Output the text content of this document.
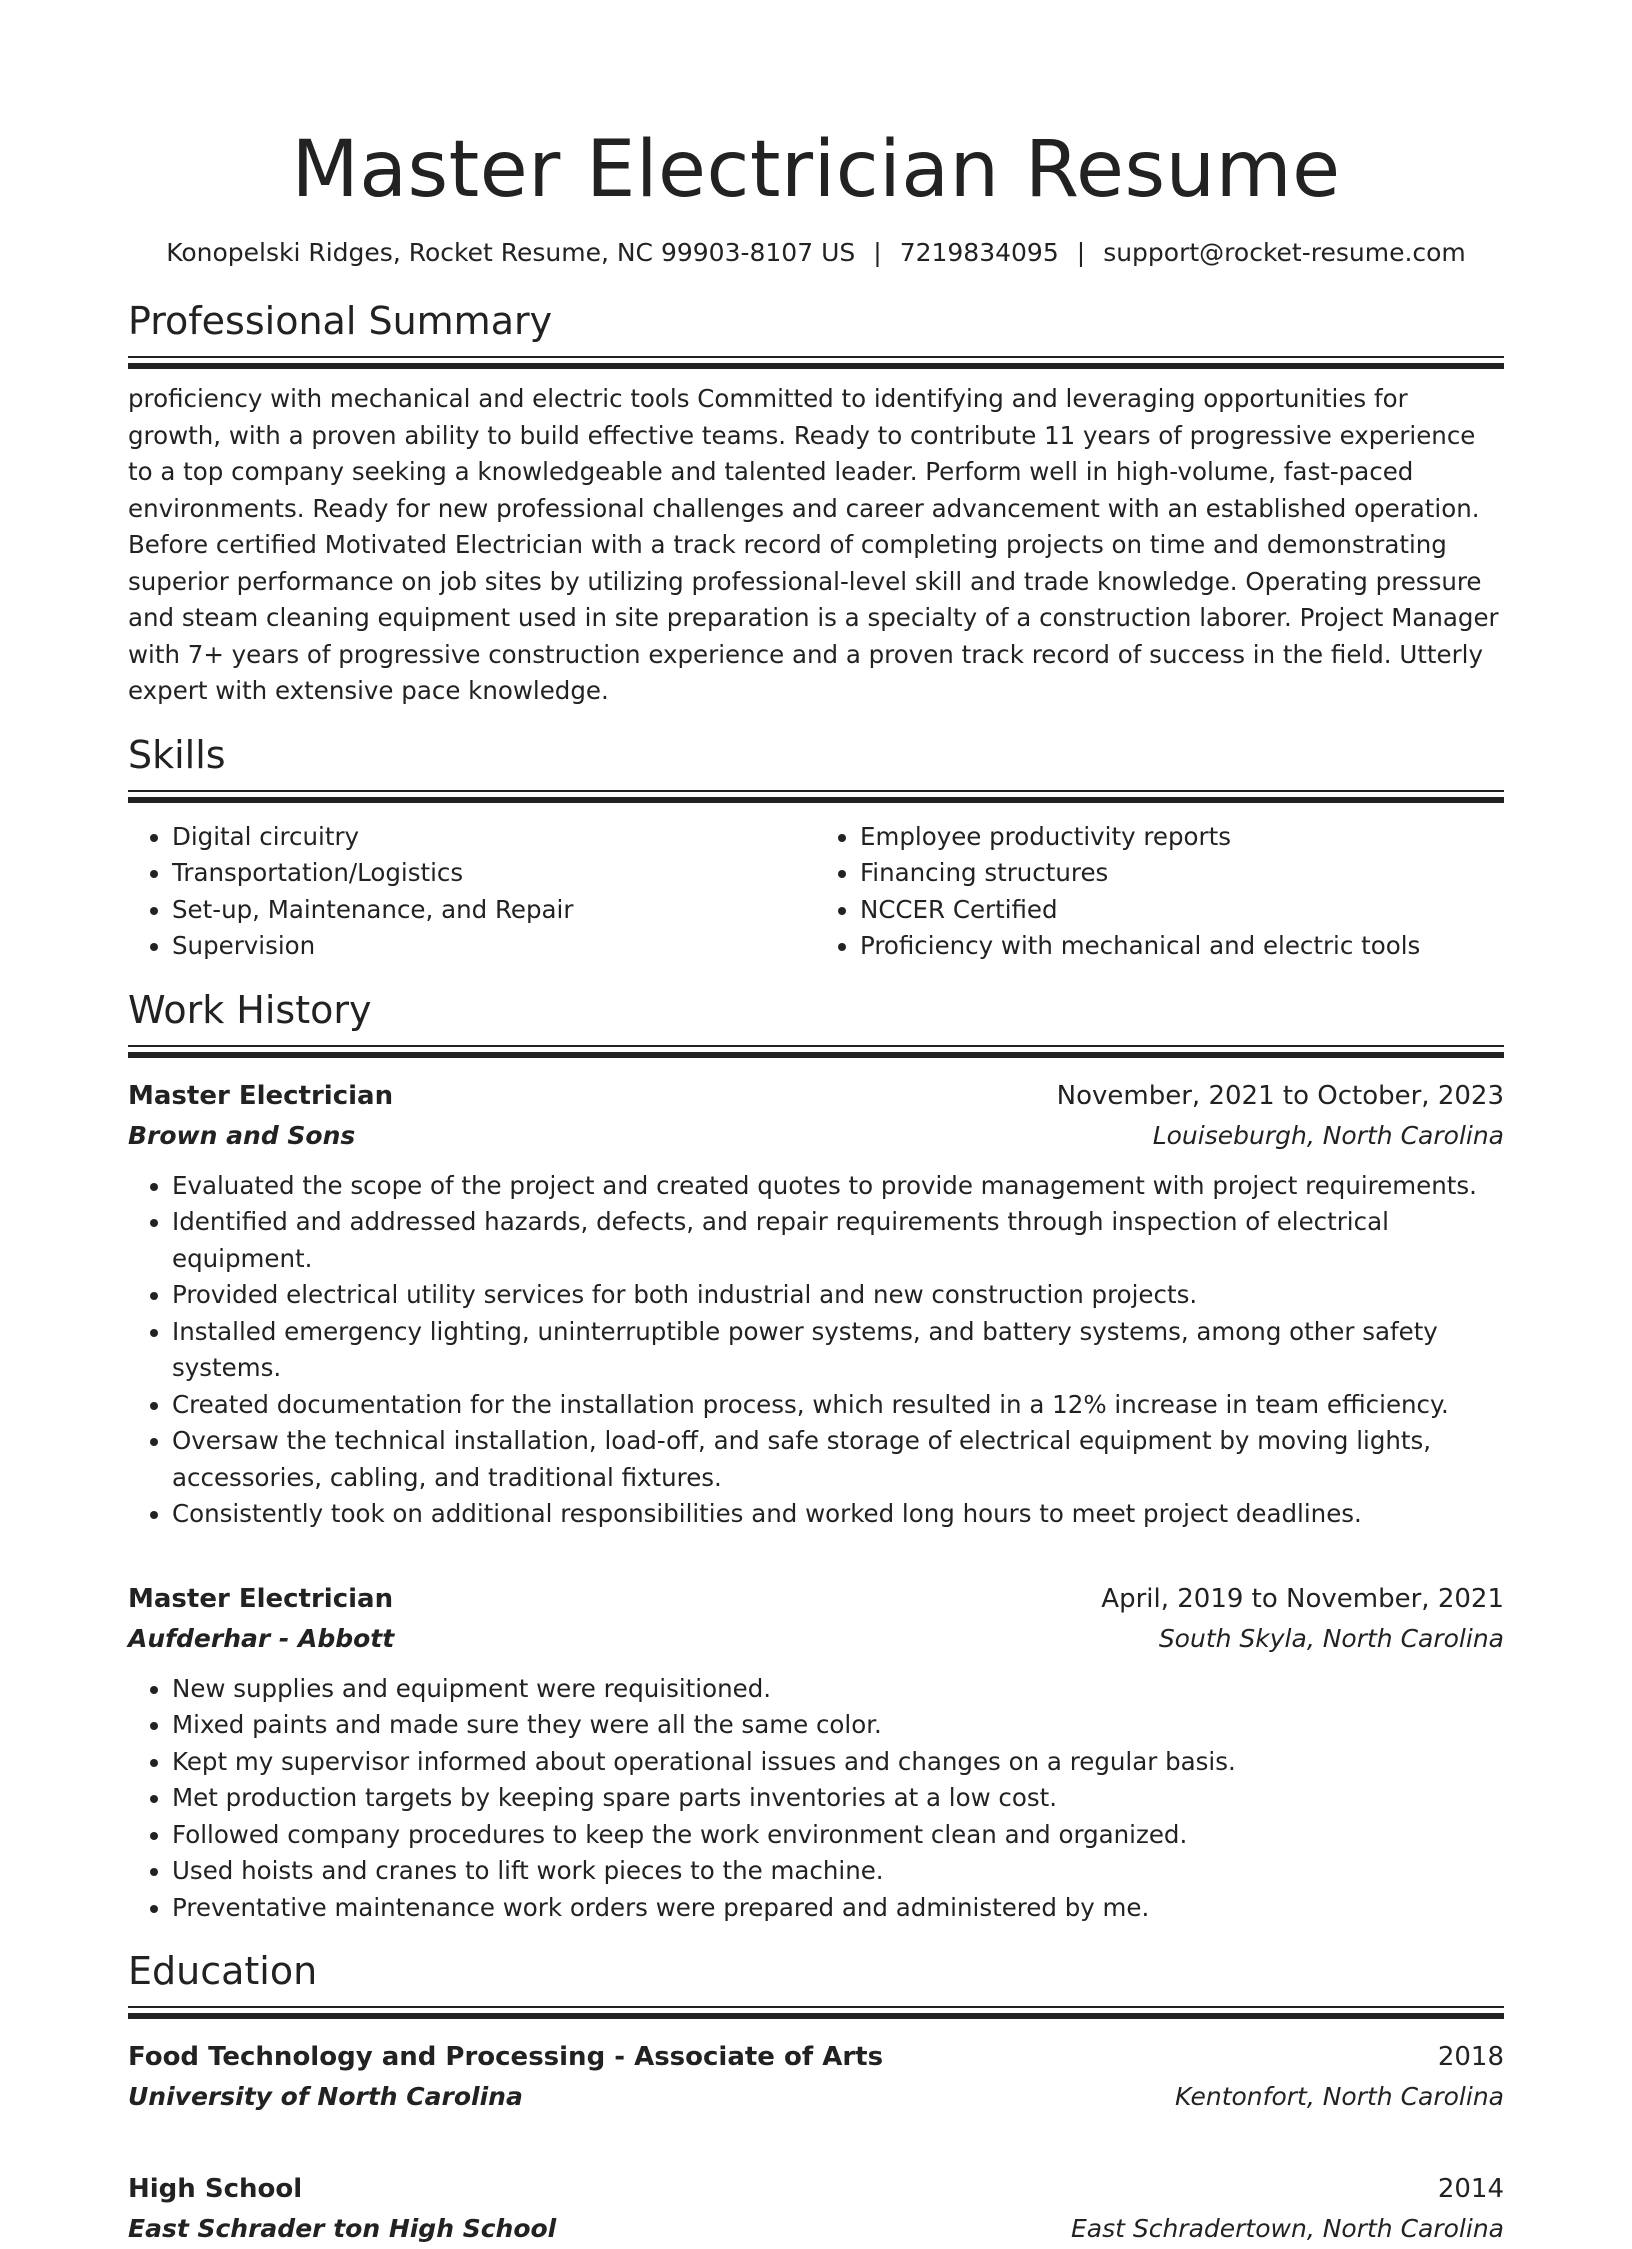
Master Electrician Resume
Konopelski Ridges, Rocket Resume, NC 99903-8107 US | 7219834095 | support@rocket-resume.com
Professional Summary

proficiency with mechanical and electric tools Committed to identifying and leveraging opportunities for growth, with a proven ability to build effective teams. Ready to contribute 11 years of progressive experience to a top company seeking a knowledgeable and talented leader. Perform well in high-volume, fast-paced environments. Ready for new professional challenges and career advancement with an established operation. Before certified Motivated Electrician with a track record of completing projects on time and demonstrating superior performance on job sites by utilizing professional-level skill and trade knowledge. Operating pressure and steam cleaning equipment used in site preparation is a specialty of a construction laborer. Project Manager with 7+ years of progressive construction experience and a proven track record of success in the field. Utterly expert with extensive pace knowledge.

Skills
• Digital circuitry
• Transportation/Logistics
• Set-up, Maintenance, and Repair
• Supervision
• Employee productivity reports
• Financing structures
• NCCER Certified
• Proficiency with mechanical and electric tools
Work History
Master Electrician	November, 2021 to October, 2023
Brown and Sons	Louiseburgh, North Carolina
• Evaluated the scope of the project and created quotes to provide management with project requirements.
• Identified and addressed hazards, defects, and repair requirements through inspection of electrical equipment.
• Provided electrical utility services for both industrial and new construction projects.
• Installed emergency lighting, uninterruptible power systems, and battery systems, among other safety systems.
• Created documentation for the installation process, which resulted in a 12% increase in team efficiency.
• Oversaw the technical installation, load-off, and safe storage of electrical equipment by moving lights, accessories, cabling, and traditional fixtures.
• Consistently took on additional responsibilities and worked long hours to meet project deadlines.
Master Electrician	April, 2019 to November, 2021
Aufderhar - Abbott	South Skyla, North Carolina
• New supplies and equipment were requisitioned.
• Mixed paints and made sure they were all the same color.
• Kept my supervisor informed about operational issues and changes on a regular basis.
• Met production targets by keeping spare parts inventories at a low cost.
• Followed company procedures to keep the work environment clean and organized.
• Used hoists and cranes to lift work pieces to the machine.
• Preventative maintenance work orders were prepared and administered by me.
Education
Food Technology and Processing - Associate of Arts	2018
University of North Carolina	Kentonfort, North Carolina
High School	2014
East Schrader ton High School	East Schradertown, North Carolina
